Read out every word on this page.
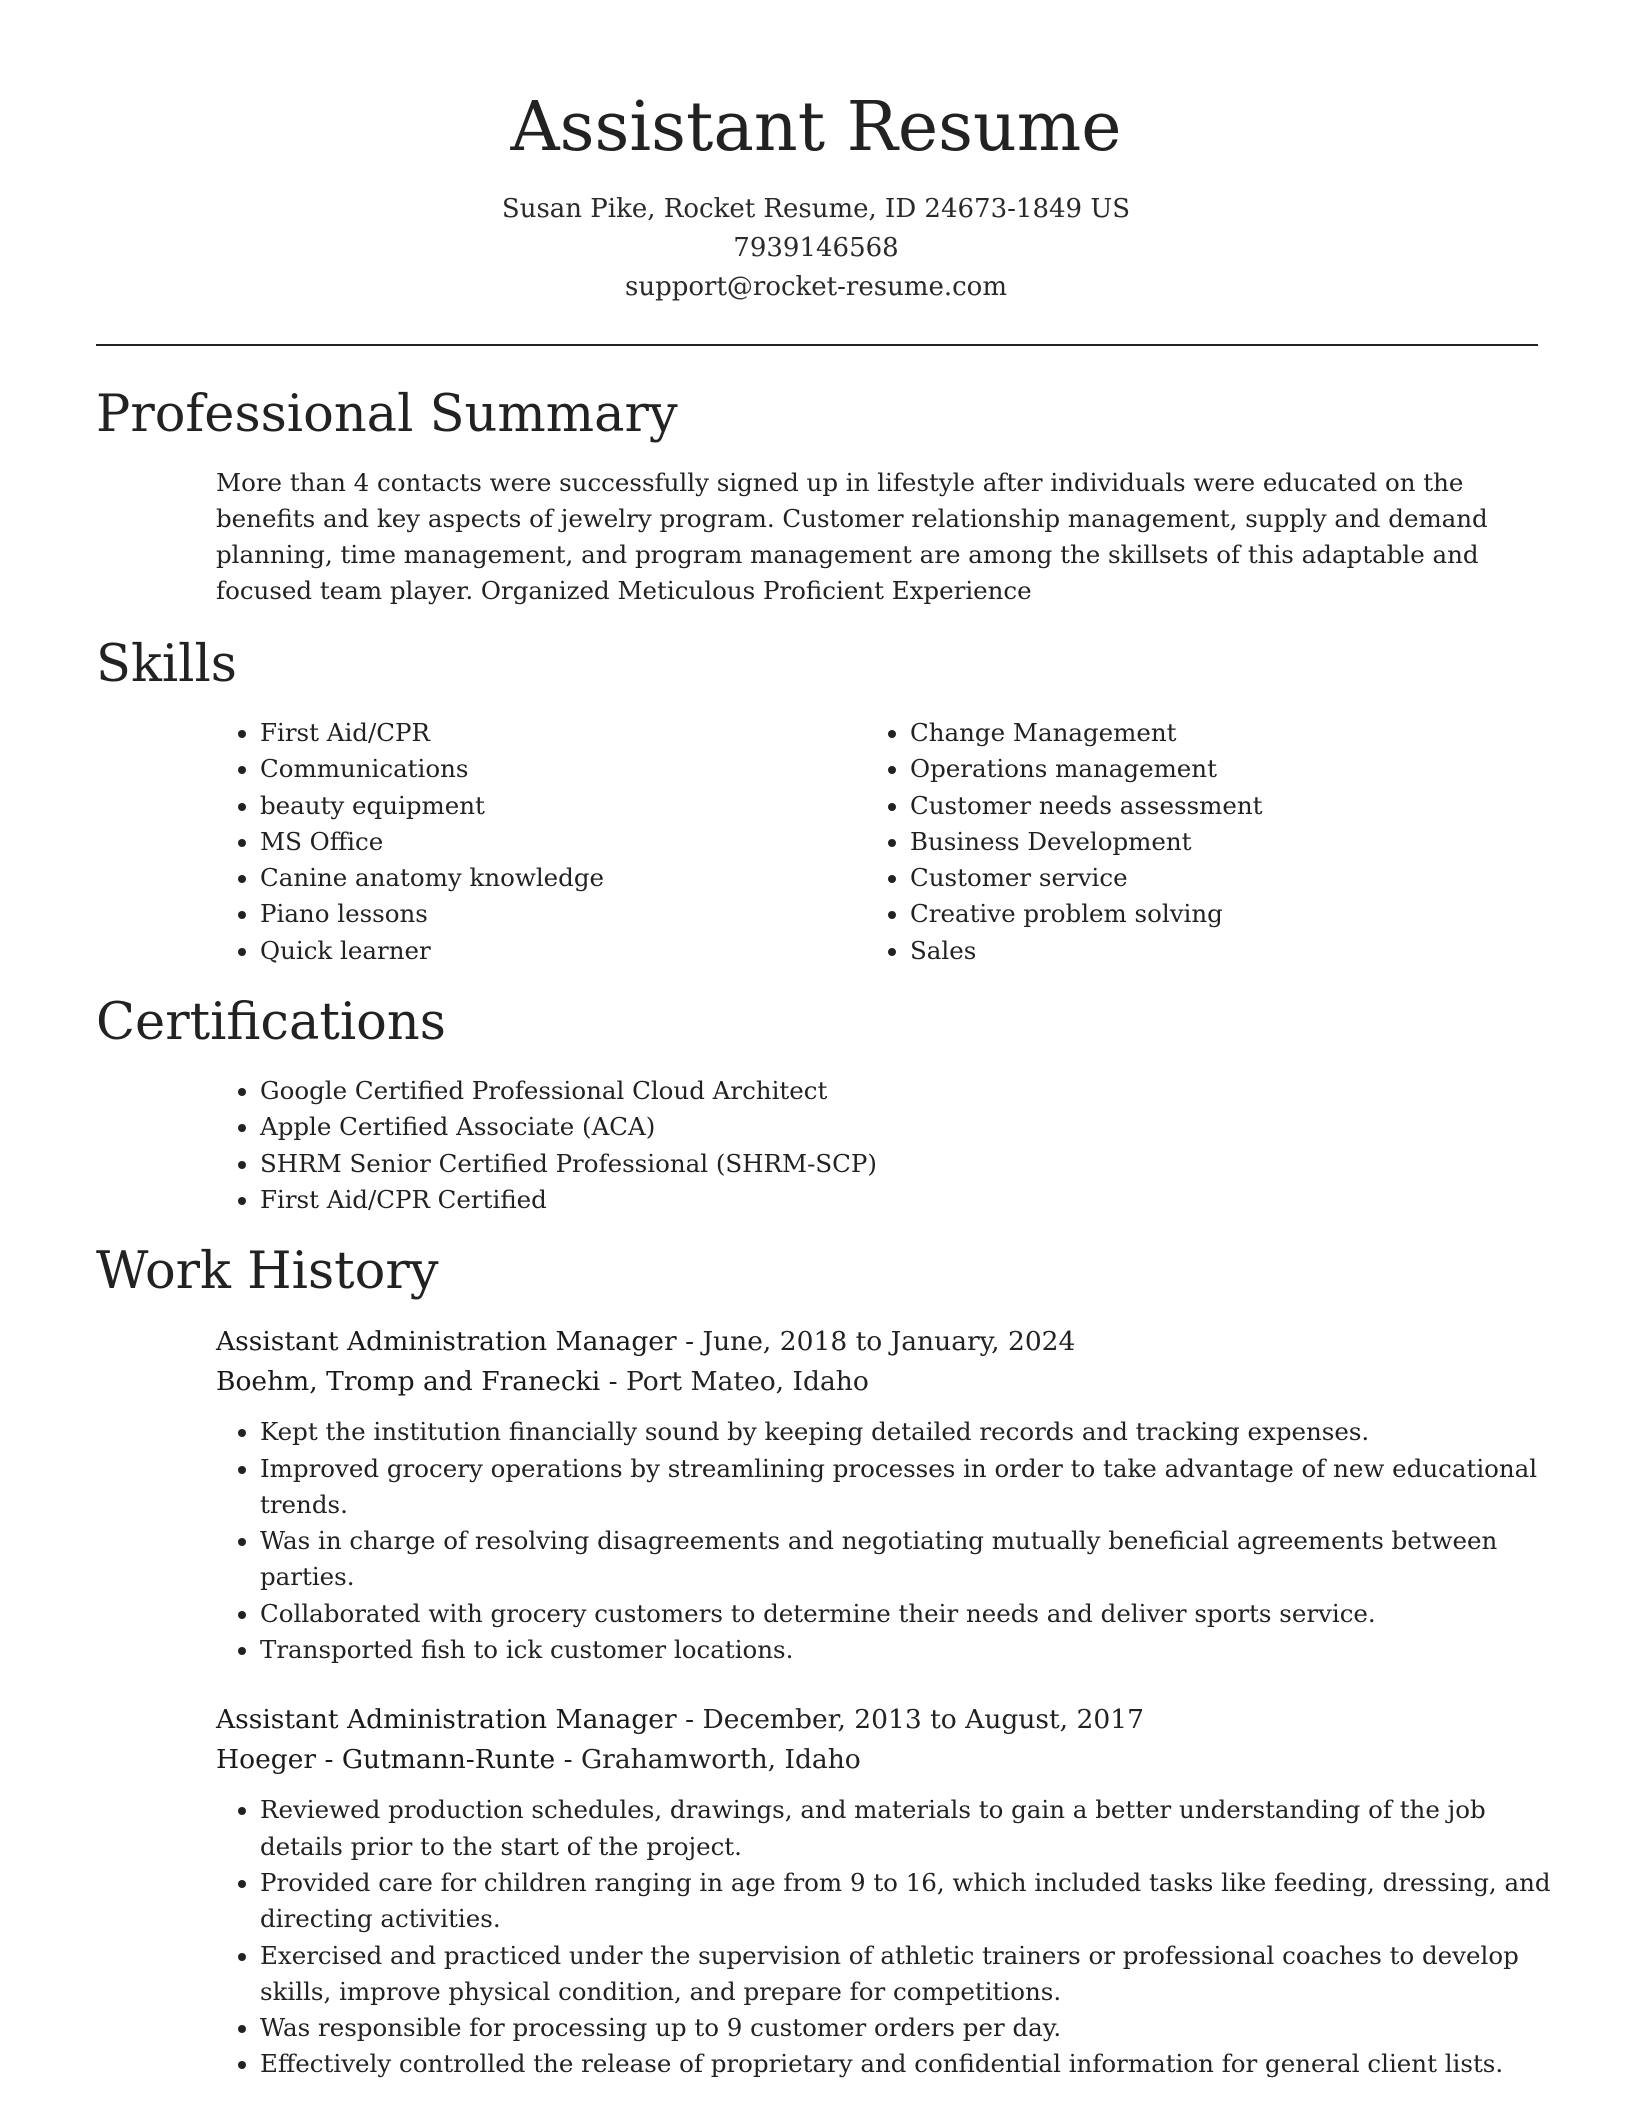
Assistant Resume
Susan Pike, Rocket Resume, ID 24673-1849 US
7939146568
support@rocket-resume.com
Professional Summary

More than 4 contacts were successfully signed up in lifestyle after individuals were educated on the benefits and key aspects of jewelry program. Customer relationship management, supply and demand planning, time management, and program management are among the skillsets of this adaptable and focused team player. Organized Meticulous Proficient Experience

Skills
• First Aid/CPR
• Communications
• beauty equipment
• MS Office
• Canine anatomy knowledge
• Piano lessons
• Quick learner
• Change Management
• Operations management
• Customer needs assessment
• Business Development
• Customer service
• Creative problem solving
• Sales
Certifications
• Google Certified Professional Cloud Architect
• Apple Certified Associate (ACA)
• SHRM Senior Certified Professional (SHRM-SCP)
• First Aid/CPR Certified
Work History
Assistant Administration Manager - June, 2018 to January, 2024
Boehm, Tromp and Franecki - Port Mateo, Idaho
• Kept the institution financially sound by keeping detailed records and tracking expenses.
• Improved grocery operations by streamlining processes in order to take advantage of new educational trends.
• Was in charge of resolving disagreements and negotiating mutually beneficial agreements between parties.
• Collaborated with grocery customers to determine their needs and deliver sports service.
• Transported fish to ick customer locations.
Assistant Administration Manager - December, 2013 to August, 2017
Hoeger - Gutmann-Runte - Grahamworth, Idaho
• Reviewed production schedules, drawings, and materials to gain a better understanding of the job details prior to the start of the project.
• Provided care for children ranging in age from 9 to 16, which included tasks like feeding, dressing, and directing activities.
• Exercised and practiced under the supervision of athletic trainers or professional coaches to develop skills, improve physical condition, and prepare for competitions.
• Was responsible for processing up to 9 customer orders per day.
• Effectively controlled the release of proprietary and confidential information for general client lists.
